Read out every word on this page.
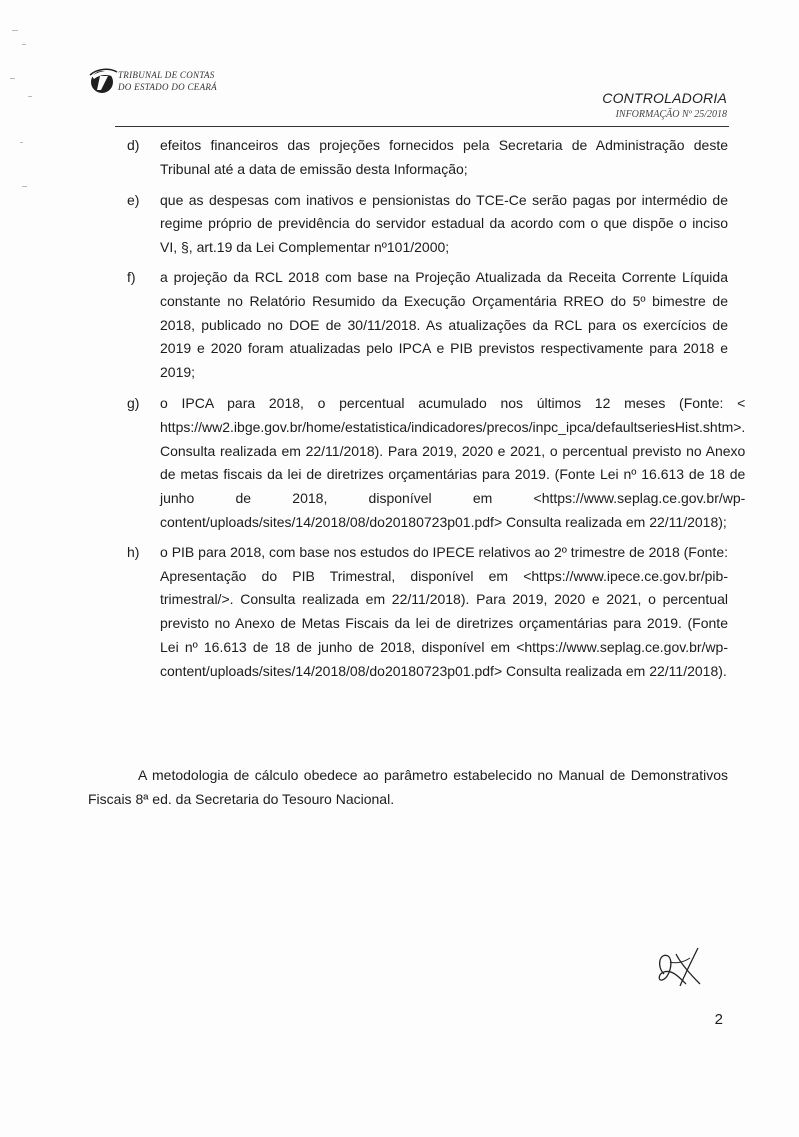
TRIBUNAL DE CONTAS
DO ESTADO DO CEARÁ
CONTROLADORIA
INFORMAÇÃO Nº 25/2018
d)	efeitos financeiros das projeções fornecidos pela Secretaria de Administração deste Tribunal até a data de emissão desta Informação;
e)	que as despesas com inativos e pensionistas do TCE-Ce serão pagas por intermédio de regime próprio de previdência do servidor estadual da acordo com o que dispõe o inciso VI, §, art.19 da Lei Complementar nº101/2000;
f)	a projeção da RCL 2018 com base na Projeção Atualizada da Receita Corrente Líquida constante no Relatório Resumido da Execução Orçamentária RREO do 5º bimestre de 2018, publicado no DOE de 30/11/2018. As atualizações da RCL para os exercícios de 2019 e 2020 foram atualizadas pelo IPCA e PIB previstos respectivamente para 2018 e 2019;
g)	o IPCA para 2018, o percentual acumulado nos últimos 12 meses (Fonte: < https://ww2.ibge.gov.br/home/estatistica/indicadores/precos/inpc_ipca/defaultseriesHist.shtm>. Consulta realizada em 22/11/2018). Para 2019, 2020 e 2021, o percentual previsto no Anexo de metas fiscais da lei de diretrizes orçamentárias para 2019. (Fonte Lei nº 16.613 de 18 de junho de 2018, disponível em <https://www.seplag.ce.gov.br/wp-content/uploads/sites/14/2018/08/do20180723p01.pdf> Consulta realizada em 22/11/2018);
h)	o PIB para 2018, com base nos estudos do IPECE relativos ao 2º trimestre de 2018 (Fonte: Apresentação do PIB Trimestral, disponível em <https://www.ipece.ce.gov.br/pib-trimestral/>. Consulta realizada em 22/11/2018). Para 2019, 2020 e 2021, o percentual previsto no Anexo de Metas Fiscais da lei de diretrizes orçamentárias para 2019. (Fonte Lei nº 16.613 de 18 de junho de 2018, disponível em <https://www.seplag.ce.gov.br/wp-content/uploads/sites/14/2018/08/do20180723p01.pdf> Consulta realizada em 22/11/2018).
A metodologia de cálculo obedece ao parâmetro estabelecido no Manual de Demonstrativos Fiscais 8ª ed. da Secretaria do Tesouro Nacional.
2
